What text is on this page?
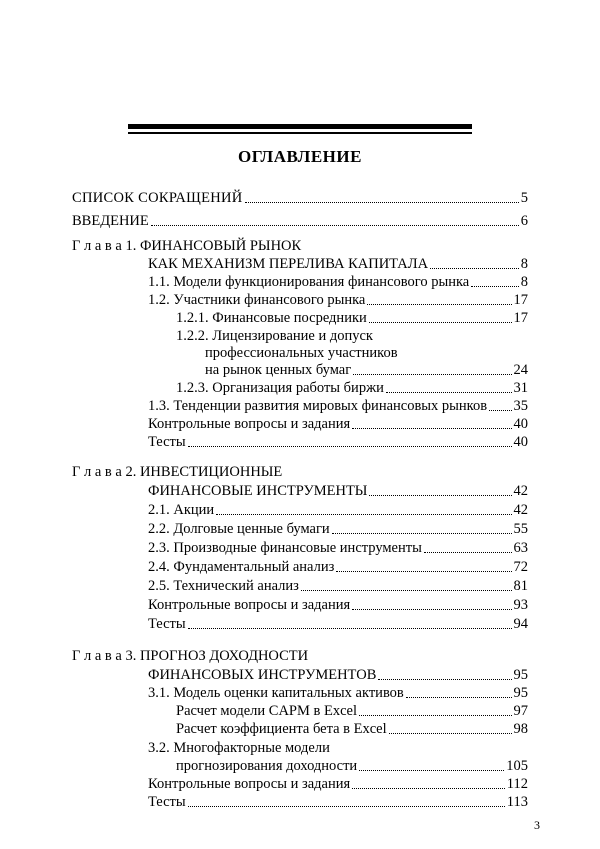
ОГЛАВЛЕНИЕ
СПИСОК СОКРАЩЕНИЙ	5
ВВЕДЕНИЕ	6
Г л а в а 1. ФИНАНСОВЫЙ РЫНОК
КАК МЕХАНИЗМ ПЕРЕЛИВА КАПИТАЛА	8
1.1. Модели функционирования финансового рынка	8
1.2. Участники финансового рынка	17
1.2.1. Финансовые посредники	17
1.2.2. Лицензирование и допуск
профессиональных участников
на рынок ценных бумаг	24
1.2.3. Организация работы биржи	31
1.3. Тенденции развития мировых финансовых рынков 35
Контрольные вопросы и задания	40
Тесты	40
Г л а в а 2. ИНВЕСТИЦИОННЫЕ
ФИНАНСОВЫЕ ИНСТРУМЕНТЫ	42
2.1. Акции	42
2.2. Долговые ценные бумаги	55
2.3. Производные финансовые инструменты	63
2.4. Фундаментальный анализ	72
2.5. Технический анализ	81
Контрольные вопросы и задания	93
Тесты	94
Г л а в а 3. ПРОГНОЗ ДОХОДНОСТИ
ФИНАНСОВЫХ ИНСТРУМЕНТОВ	95
3.1. Модель оценки капитальных активов	95
Расчет модели CAPM в Excel	97
Расчет коэффициента бета в Excel	98
3.2. Многофакторные модели
прогнозирования доходности	105
Контрольные вопросы и задания	112
Тесты	113
3
